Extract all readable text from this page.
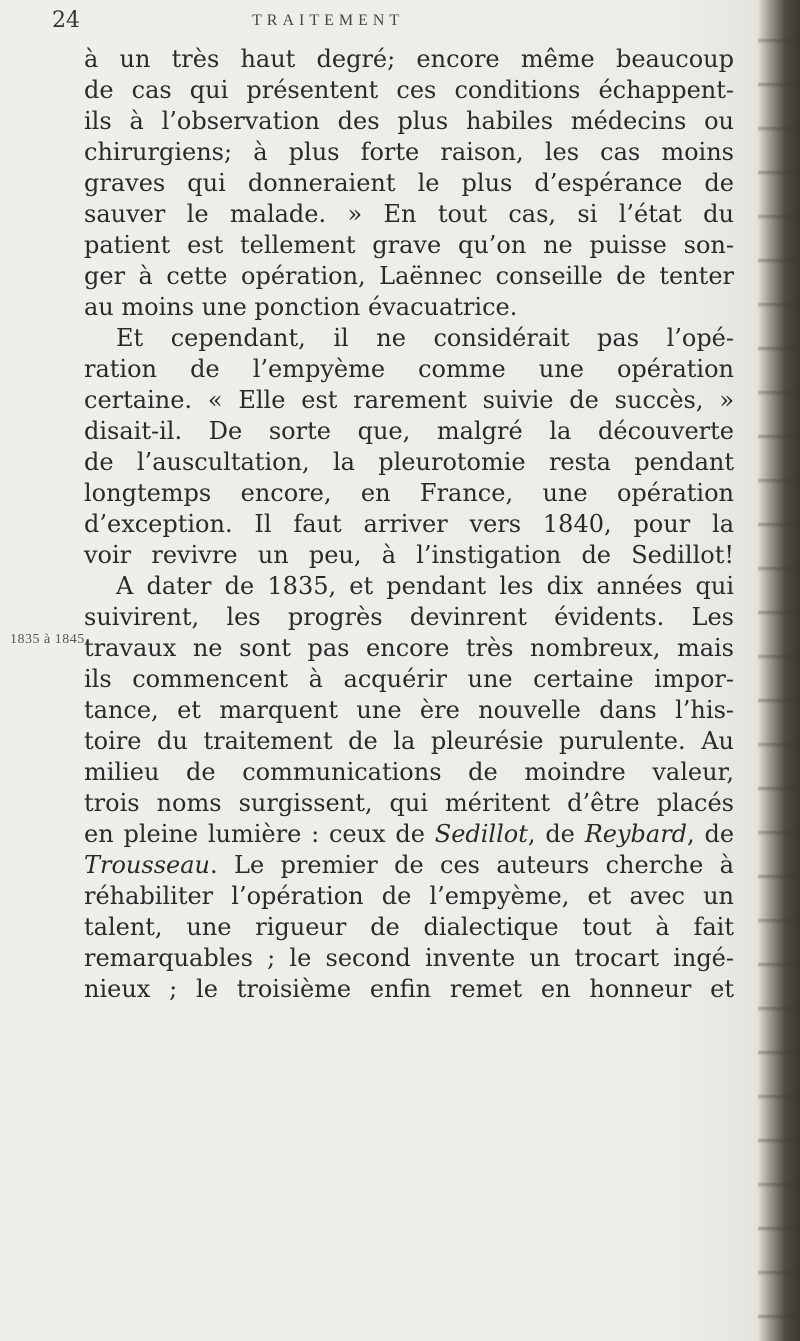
24	TRAITEMENT
1835 à 1845.
à un très haut degré; encore même beaucoup
de cas qui présentent ces conditions échappent-
ils à l’observation des plus habiles médecins ou
chirurgiens; à plus forte raison, les cas moins
graves qui donneraient le plus d’espérance de
sauver le malade. » En tout cas, si l’état du
patient est tellement grave qu’on ne puisse son-
ger à cette opération, Laënnec conseille de tenter
au moins une ponction évacuatrice.
Et cependant, il ne considérait pas l’opé-
ration de l’empyème comme une opération
certaine. « Elle est rarement suivie de succès, »
disait-il. De sorte que, malgré la découverte
de l’auscultation, la pleurotomie resta pendant
longtemps encore, en France, une opération
d’exception. Il faut arriver vers 1840, pour la
voir revivre un peu, à l’instigation de Sedillot!
A dater de 1835, et pendant les dix années qui
suivirent, les progrès devinrent évidents. Les
travaux ne sont pas encore très nombreux, mais
ils commencent à acquérir une certaine impor-
tance, et marquent une ère nouvelle dans l’his-
toire du traitement de la pleurésie purulente. Au
milieu de communications de moindre valeur,
trois noms surgissent, qui méritent d’être placés
en pleine lumière : ceux de Sedillot, de Reybard, de
Trousseau. Le premier de ces auteurs cherche à
réhabiliter l’opération de l’empyème, et avec un
talent, une rigueur de dialectique tout à fait
remarquables ; le second invente un trocart ingé-
nieux ; le troisième enfin remet en honneur et
